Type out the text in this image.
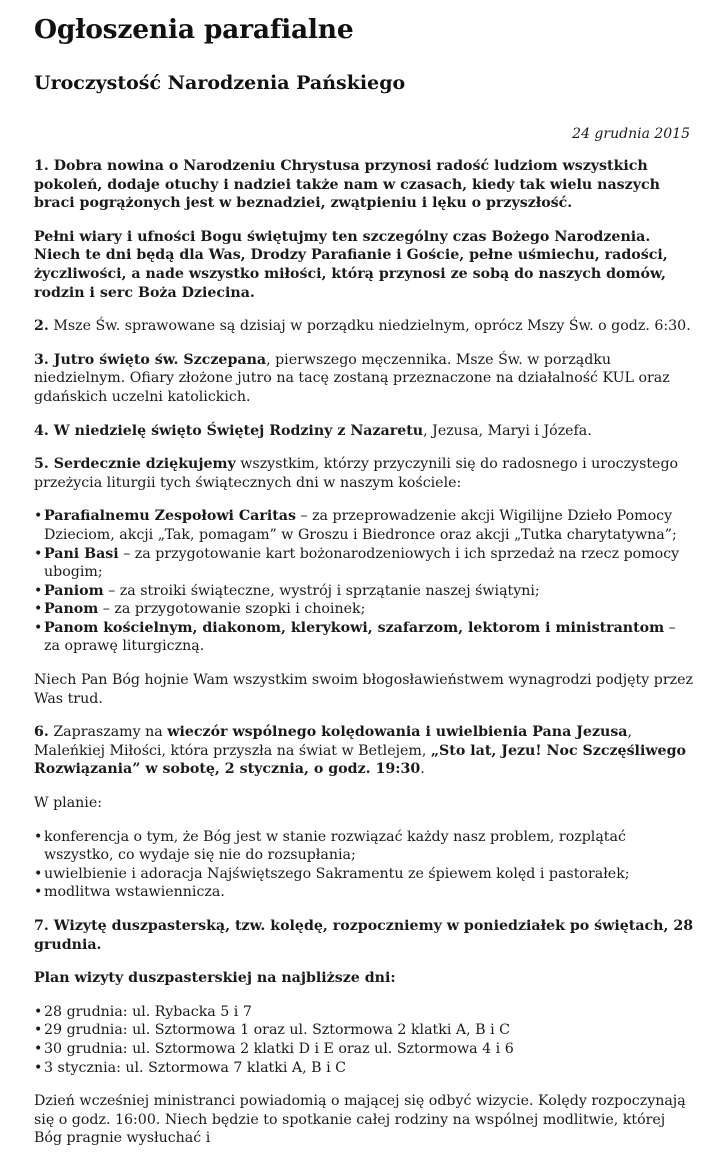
Ogłoszenia parafialne
Uroczystość Narodzenia Pańskiego
24 grudnia 2015

1. Dobra nowina o Narodzeniu Chrystusa przynosi radość ludziom wszystkich pokoleń, dodaje otuchy i nadziei także nam w czasach, kiedy tak wielu naszych braci pogrążonych jest w beznadziei, zwątpieniu i lęku o przyszłość.

Pełni wiary i ufności Bogu świętujmy ten szczególny czas Bożego Narodzenia. Niech te dni będą dla Was, Drodzy Parafianie i Goście, pełne uśmiechu, radości, życzliwości, a nade wszystko miłości, którą przynosi ze sobą do naszych domów, rodzin i serc Boża Dziecina.

2. Msze Św. sprawowane są dzisiaj w porządku niedzielnym, oprócz Mszy Św. o godz. 6:30.

3. Jutro święto św. Szczepana, pierwszego męczennika. Msze Św. w porządku niedzielnym. Ofiary złożone jutro na tacę zostaną przeznaczone na działalność KUL oraz gdańskich uczelni katolickich.

4. W niedzielę święto Świętej Rodziny z Nazaretu, Jezusa, Maryi i Józefa.

5. Serdecznie dziękujemy wszystkim, którzy przyczynili się do radosnego i uroczystego przeżycia liturgii tych świątecznych dni w naszym kościele:

• Parafialnemu Zespołowi Caritas – za przeprowadzenie akcji Wigilijne Dzieło Pomocy Dzieciom, akcji „Tak, pomagam” w Groszu i Biedronce oraz akcji „Tutka charytatywna”;
• Pani Basi – za przygotowanie kart bożonarodzeniowych i ich sprzedaż na rzecz pomocy ubogim;
• Paniom – za stroiki świąteczne, wystrój i sprzątanie naszej świątyni;
• Panom – za przygotowanie szopki i choinek;
• Panom kościelnym, diakonom, klerykowi, szafarzom, lektorom i ministrantom – za oprawę liturgiczną.

Niech Pan Bóg hojnie Wam wszystkim swoim błogosławieństwem wynagrodzi podjęty przez Was trud.

6. Zapraszamy na wieczór wspólnego kolędowania i uwielbienia Pana Jezusa, Maleńkiej Miłości, która przyszła na świat w Betlejem, „Sto lat, Jezu! Noc Szczęśliwego Rozwiązania” w sobotę, 2 stycznia, o godz. 19:30.

W planie:

• konferencja o tym, że Bóg jest w stanie rozwiązać każdy nasz problem, rozplątać wszystko, co wydaje się nie do rozsupłania;
• uwielbienie i adoracja Najświętszego Sakramentu ze śpiewem kolęd i pastorałek;
• modlitwa wstawiennicza.

7. Wizytę duszpasterską, tzw. kolędę, rozpoczniemy w poniedziałek po świętach, 28 grudnia.

Plan wizyty duszpasterskiej na najbliższe dni:

• 28 grudnia: ul. Rybacka 5 i 7
• 29 grudnia: ul. Sztormowa 1 oraz ul. Sztormowa 2 klatki A, B i C
• 30 grudnia: ul. Sztormowa 2 klatki D i E oraz ul. Sztormowa 4 i 6
• 3 stycznia: ul. Sztormowa 7 klatki A, B i C

Dzień wcześniej ministranci powiadomią o mającej się odbyć wizycie. Kolędy rozpoczynają się o godz. 16:00. Niech będzie to spotkanie całej rodziny na wspólnej modlitwie, której Bóg pragnie wysłuchać i
